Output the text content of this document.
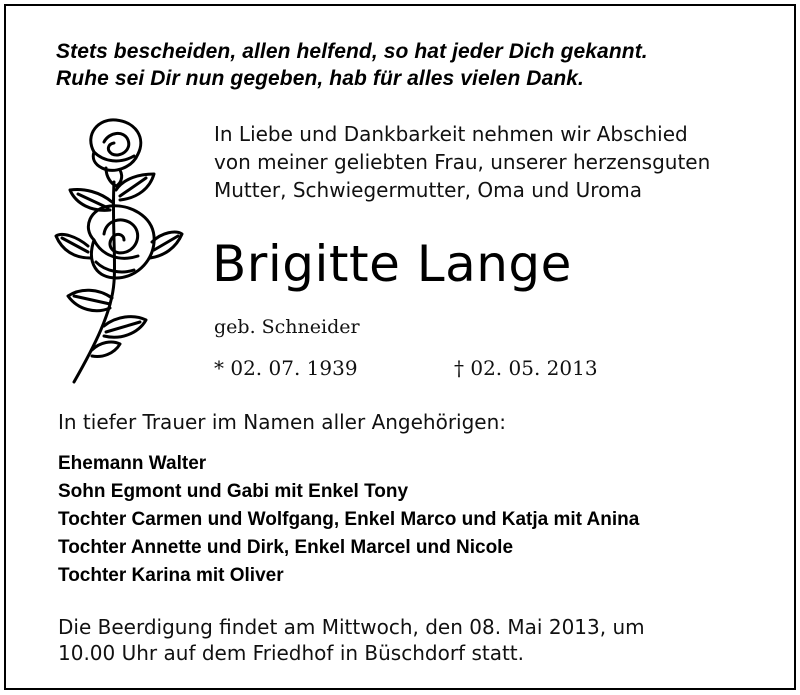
Stets bescheiden, allen helfend, so hat jeder Dich gekannt.
Ruhe sei Dir nun gegeben, hab für alles vielen Dank.
In Liebe und Dankbarkeit nehmen wir Abschied
von meiner geliebten Frau, unserer herzensguten
Mutter, Schwiegermutter, Oma und Uroma
Brigitte Lange
geb. Schneider
* 02. 07. 1939	† 02. 05. 2013
In tiefer Trauer im Namen aller Angehörigen:
Ehemann Walter
Sohn Egmont und Gabi mit Enkel Tony
Tochter Carmen und Wolfgang, Enkel Marco und Katja mit Anina
Tochter Annette und Dirk, Enkel Marcel und Nicole
Tochter Karina mit Oliver
Die Beerdigung findet am Mittwoch, den 08. Mai 2013, um
10.00 Uhr auf dem Friedhof in Büschdorf statt.
